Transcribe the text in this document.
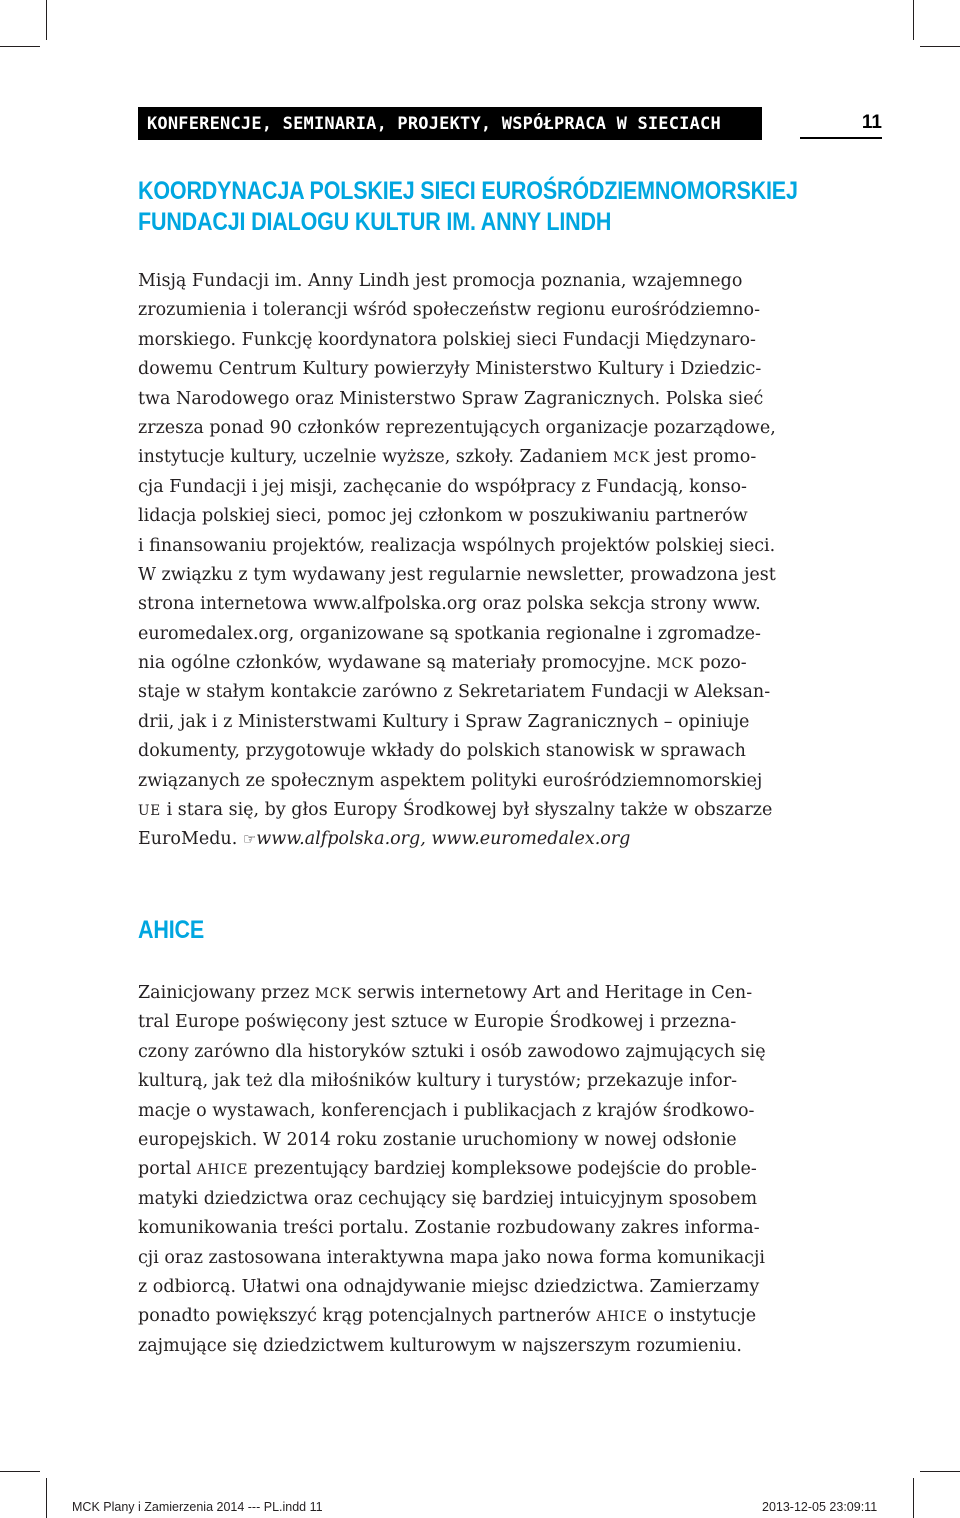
KONFERENCJE, SEMINARIA, PROJEKTY, WSPÓŁPRACA W SIECIACH	11
KOORDYNACJA POLSKIEJ SIECI EUROŚRÓDZIEMNOMORSKIEJ
FUNDACJI DIALOGU KULTUR IM. ANNY LINDH
Misją Fundacji im. Anny Lindh jest promocja poznania, wzajemnego
zrozumienia i tolerancji wśród społeczeństw regionu eurośródziemno-
morskiego. Funkcję koordynatora polskiej sieci Fundacji Międzynaro-
dowemu Centrum Kultury powierzyły Ministerstwo Kultury i Dziedzic-
twa Narodowego oraz Ministerstwo Spraw Zagranicznych. Polska sieć
zrzesza ponad 90 członków reprezentujących organizacje pozarządowe,
instytucje kultury, uczelnie wyższe, szkoły. Zadaniem MCK jest promo-
cja Fundacji i jej misji, zachęcanie do współpracy z Fundacją, konso-
lidacja polskiej sieci, pomoc jej członkom w poszukiwaniu partnerów
i finansowaniu projektów, realizacja wspólnych projektów polskiej sieci.
W związku z tym wydawany jest regularnie newsletter, prowadzona jest
strona internetowa www.alfpolska.org oraz polska sekcja strony www.
euromedalex.org, organizowane są spotkania regionalne i zgromadze-
nia ogólne członków, wydawane są materiały promocyjne. MCK pozo-
staje w stałym kontakcie zarówno z Sekretariatem Fundacji w Aleksan-
drii, jak i z Ministerstwami Kultury i Spraw Zagranicznych – opiniuje
dokumenty, przygotowuje wkłady do polskich stanowisk w sprawach
związanych ze społecznym aspektem polityki eurośródziemnomorskiej
UE i stara się, by głos Europy Środkowej był słyszalny także w obszarze
EuroMedu. ☞www.alfpolska.org, www.euromedalex.org
AHICE
Zainicjowany przez MCK serwis internetowy Art and Heritage in Cen-
tral Europe poświęcony jest sztuce w Europie Środkowej i przezna-
czony zarówno dla historyków sztuki i osób zawodowo zajmujących się
kulturą, jak też dla miłośników kultury i turystów; przekazuje infor-
macje o wystawach, konferencjach i publikacjach z krajów środkowo-
europejskich. W 2014 roku zostanie uruchomiony w nowej odsłonie
portal AHICE prezentujący bardziej kompleksowe podejście do proble-
matyki dziedzictwa oraz cechujący się bardziej intuicyjnym sposobem
komunikowania treści portalu. Zostanie rozbudowany zakres informa-
cji oraz zastosowana interaktywna mapa jako nowa forma komunikacji
z odbiorcą. Ułatwi ona odnajdywanie miejsc dziedzictwa. Zamierzamy
ponadto powiększyć krąg potencjalnych partnerów AHICE o instytucje
zajmujące się dziedzictwem kulturowym w najszerszym rozumieniu.
MCK Plany i Zamierzenia 2014 --- PL.indd 11	2013-12-05 23:09:11
